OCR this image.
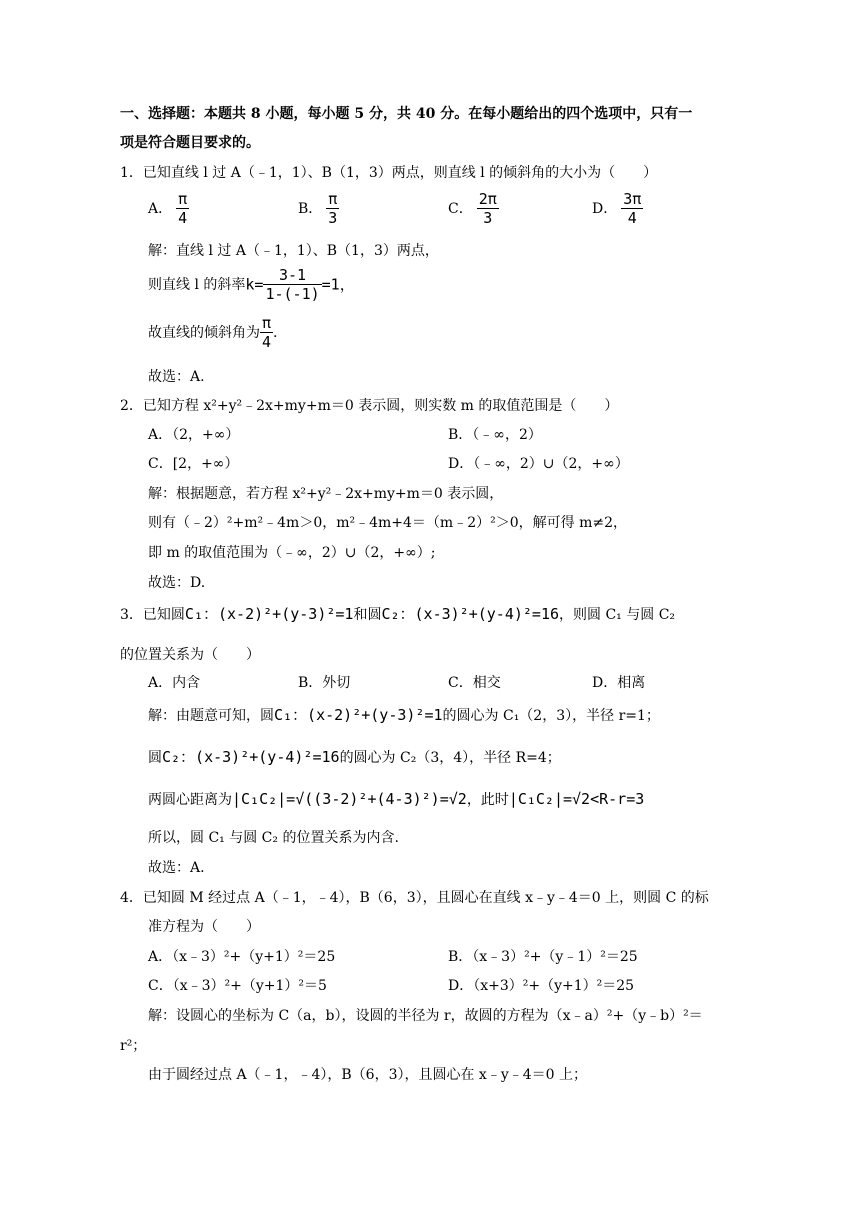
一、选择题：本题共 8 小题，每小题 5 分，共 40 分。在每小题给出的四个选项中，只有一
项是符合题目要求的。
1．已知直线 l 过 A（﹣1，1）、B（1，3）两点，则直线 l 的倾斜角的大小为（　　）
A． $\frac{\pi}{4}$	B． $\frac{\pi}{3}$	C． $\frac{2\pi}{3}$	D． $\frac{3\pi}{4}$
解：直线 l 过 A（﹣1，1）、B（1，3）两点，
则直线 l 的斜率$k= \frac{3-1}{1-(-1)} =1$，
故直线的倾斜角为 $\frac{\pi}{4}$ .
故选：A.
2．已知方程 x²+y²﹣2x+my+m＝0 表示圆，则实数 m 的取值范围是（　　）
A．（2，+∞）	B．（﹣∞，2）
C．[2，+∞）	D．（﹣∞，2）∪（2，+∞）
解：根据题意，若方程 x²+y²﹣2x+my+m＝0 表示圆，
则有（﹣2）²+m²﹣4m＞0，m²﹣4m+4＝（m﹣2）²＞0，解可得 m≠2，
即 m 的取值范围为（﹣∞，2）∪（2，+∞）;
故选：D.
3．已知圆C₁：(x-2)²+(y-3)²=1和圆C₂：(x-3)²+(y-4)²=16，则圆 C₁ 与圆 C₂
的位置关系为（　　）
A．内含	B．外切	C．相交	D．相离
解：由题意可知，圆C₁：(x-2)²+(y-3)²=1的圆心为 C₁（2，3），半径 r=1；
圆C₂：(x-3)²+(y-4)²=16的圆心为 C₂（3，4），半径 R=4；
两圆心距离为|C₁C₂|=√((3-2)²+(4-3)²)=√2，此时|C₁C₂|=√2<R-r=3
所以，圆 C₁ 与圆 C₂ 的位置关系为内含.
故选：A.
4．已知圆 M 经过点 A（﹣1，﹣4），B（6，3），且圆心在直线 x﹣y﹣4＝0 上，则圆 C 的标
准方程为（　　）
A．（x﹣3）²+（y+1）²＝25	B．（x﹣3）²+（y﹣1）²＝25
C．（x﹣3）²+（y+1）²＝5	D．（x+3）²+（y+1）²＝25
解：设圆心的坐标为 C（a，b），设圆的半径为 r，故圆的方程为（x﹣a）²+（y﹣b）²＝
r²；
由于圆经过点 A（﹣1，﹣4），B（6，3），且圆心在 x﹣y﹣4＝0 上；
